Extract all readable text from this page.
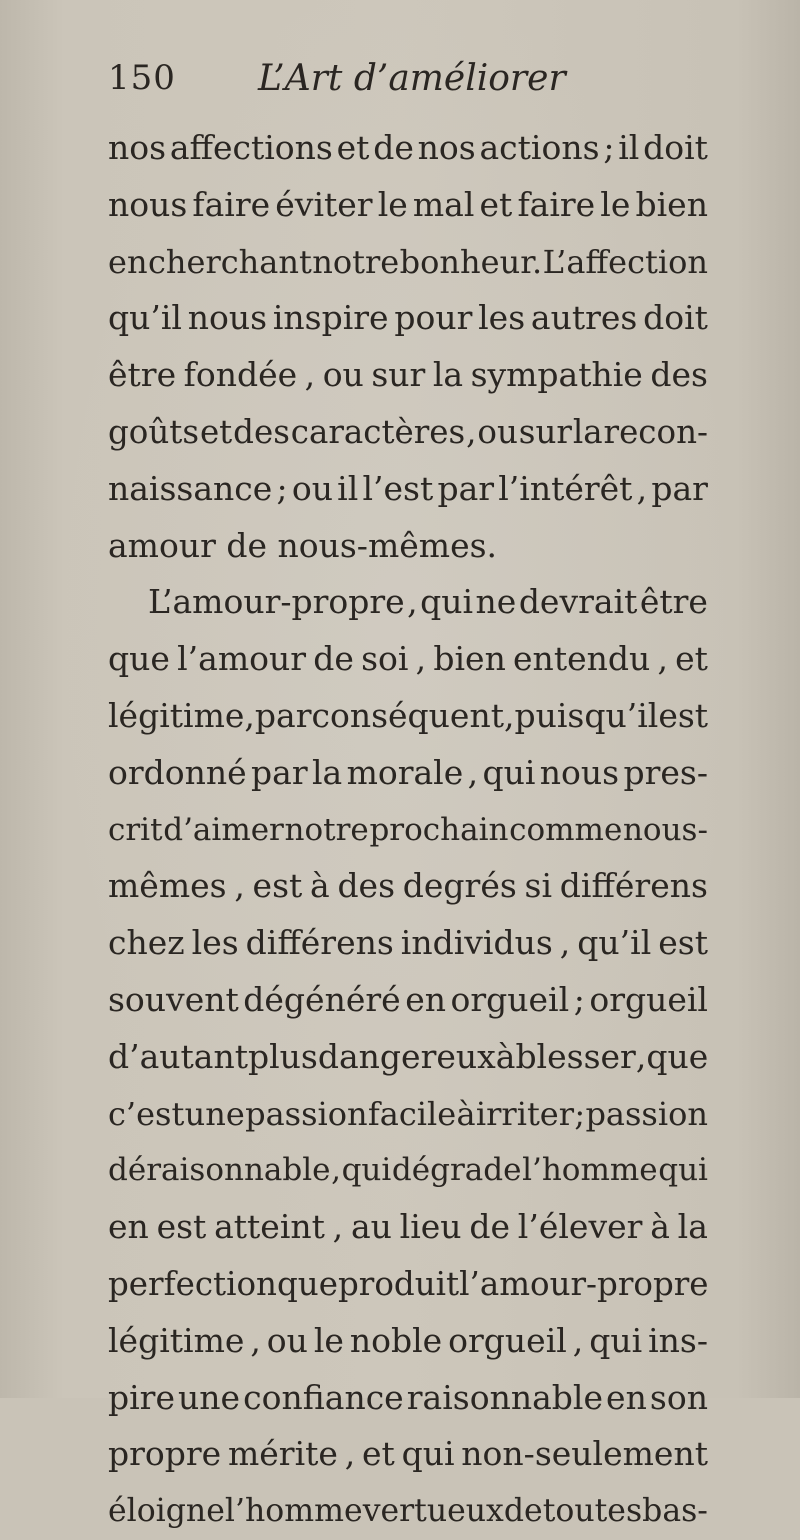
150 L’Art d’améliorer
nos affections et de nos actions ; il doit
nous faire éviter le mal et faire le bien
en cherchant notre bonheur. L’affection
qu’il nous inspire pour les autres doit
être fondée , ou sur la sympathie des
goûts et des caractères , ou sur la recon-
naissance ; ou il l’est par l’intérêt , par
amour de nous-mêmes.
L’amour-propre , qui ne devrait être
que l’amour de soi , bien entendu , et
légitime , par conséquent , puisqu’il est
ordonné par la morale , qui nous pres-
crit d’aimer notre prochain comme nous-
mêmes , est à des degrés si différens
chez les différens individus , qu’il est
souvent dégénéré en orgueil ; orgueil
d’autant plus dangereux à blesser , que
c’est une passion facile à irriter ; passion
déraisonnable , qui dégrade l’homme qui
en est atteint , au lieu de l’élever à la
perfection que produit l’amour - propre
légitime , ou le noble orgueil , qui ins-
pire une confiance raisonnable en son
propre mérite , et qui non-seulement
éloigne l’homme vertueux de toutes bas-
